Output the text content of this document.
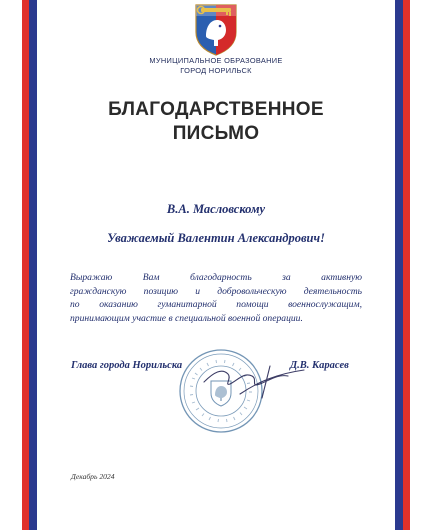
МУНИЦИПАЛЬНОЕ ОБРАЗОВАНИЕ
ГОРОД НОРИЛЬСК
БЛАГОДАРСТВЕННОЕ
ПИСЬМО
В.А. Масловскому
Уважаемый Валентин Александрович!
Выражаю Вам благодарность за активную
гражданскую позицию и добровольческую деятельность
по оказанию гуманитарной помощи военнослужащим,
принимающим участие в специальной военной операции.
Глава города Норильска	Д.В. Карасев
Декабрь 2024
